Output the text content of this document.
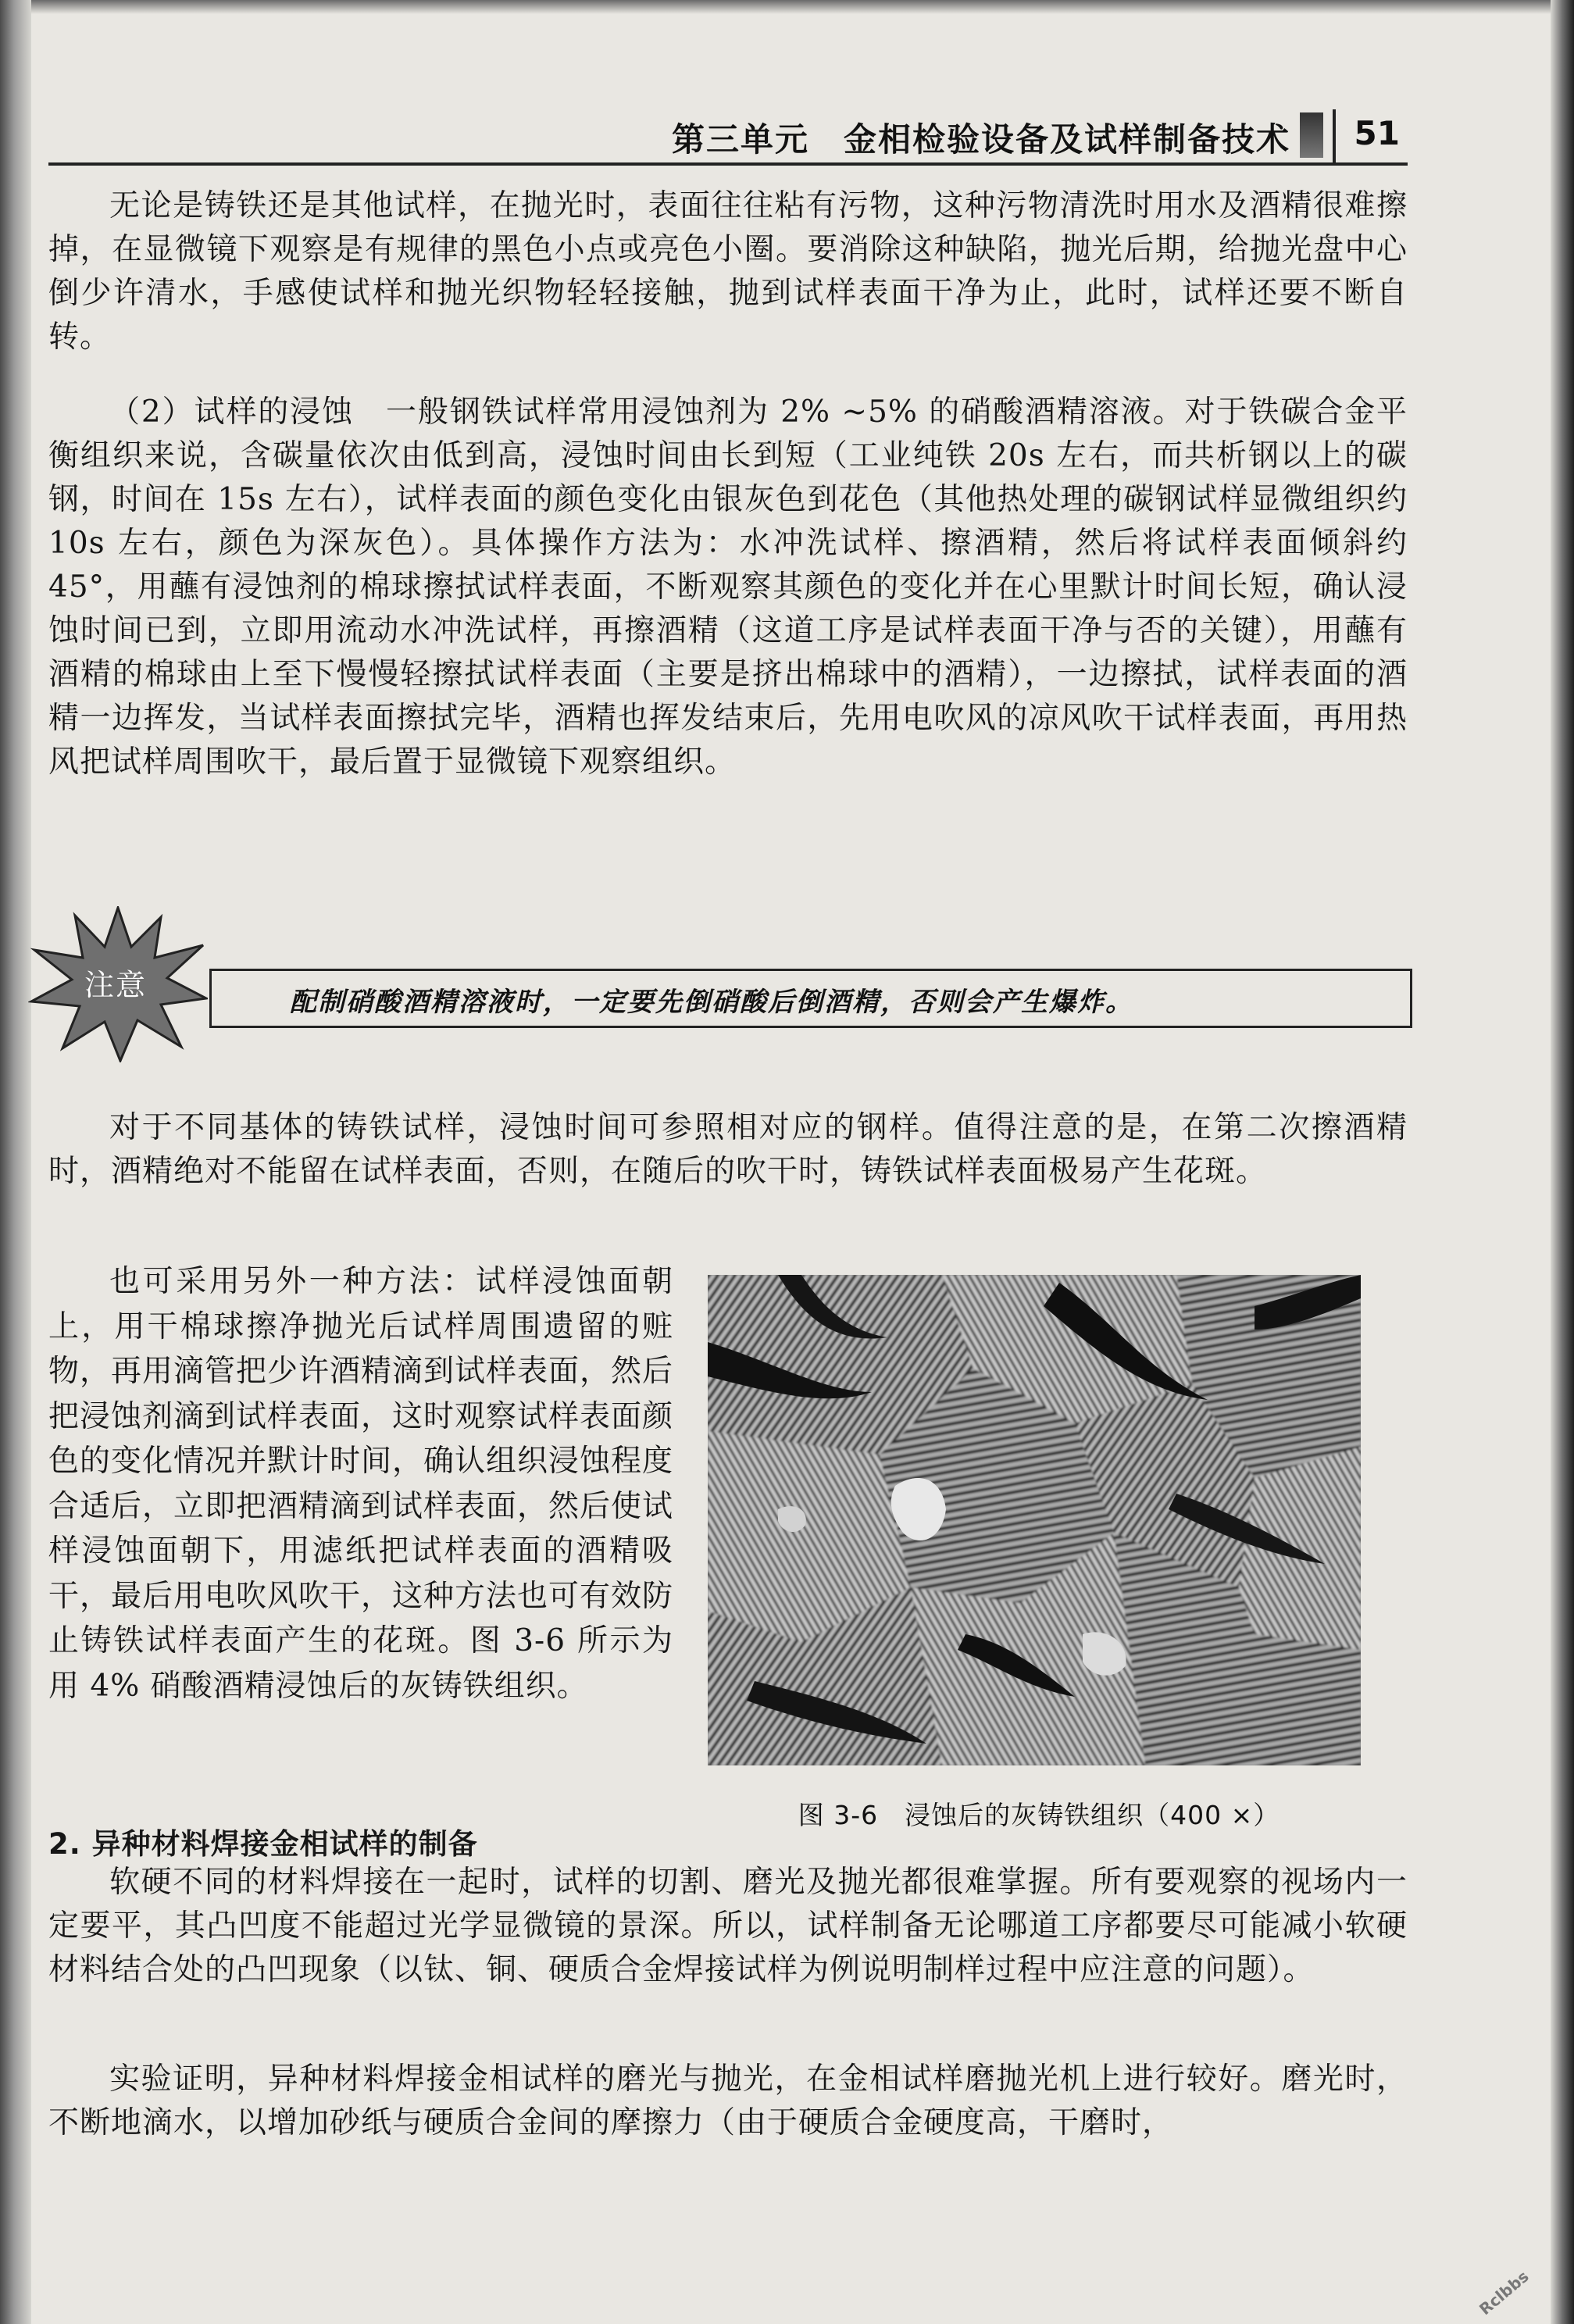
第三单元　金相检验设备及试样制备技术 51

无论是铸铁还是其他试样，在抛光时，表面往往粘有污物，这种污物清洗时用水及酒精很难擦掉，在显微镜下观察是有规律的黑色小点或亮色小圈。要消除这种缺陷，抛光后期，给抛光盘中心倒少许清水，手感使试样和抛光织物轻轻接触，抛到试样表面干净为止，此时，试样还要不断自转。

（2）试样的浸蚀　一般钢铁试样常用浸蚀剂为 2% ~5% 的硝酸酒精溶液。对于铁碳合金平衡组织来说，含碳量依次由低到高，浸蚀时间由长到短（工业纯铁 20s 左右，而共析钢以上的碳钢，时间在 15s 左右），试样表面的颜色变化由银灰色到花色（其他热处理的碳钢试样显微组织约 10s 左右，颜色为深灰色）。具体操作方法为：水冲洗试样、擦酒精，然后将试样表面倾斜约 45°，用蘸有浸蚀剂的棉球擦拭试样表面，不断观察其颜色的变化并在心里默计时间长短，确认浸蚀时间已到，立即用流动水冲洗试样，再擦酒精（这道工序是试样表面干净与否的关键），用蘸有酒精的棉球由上至下慢慢轻擦拭试样表面（主要是挤出棉球中的酒精），一边擦拭，试样表面的酒精一边挥发，当试样表面擦拭完毕，酒精也挥发结束后，先用电吹风的凉风吹干试样表面，再用热风把试样周围吹干，最后置于显微镜下观察组织。

注意	配制硝酸酒精溶液时，一定要先倒硝酸后倒酒精，否则会产生爆炸。

对于不同基体的铸铁试样，浸蚀时间可参照相对应的钢样。值得注意的是，在第二次擦酒精时，酒精绝对不能留在试样表面，否则，在随后的吹干时，铸铁试样表面极易产生花斑。

也可采用另外一种方法：试样浸蚀面朝上，用干棉球擦净抛光后试样周围遗留的赃物，再用滴管把少许酒精滴到试样表面，然后把浸蚀剂滴到试样表面，这时观察试样表面颜色的变化情况并默计时间，确认组织浸蚀程度合适后，立即把酒精滴到试样表面，然后使试样浸蚀面朝下，用滤纸把试样表面的酒精吸干，最后用电吹风吹干，这种方法也可有效防止铸铁试样表面产生的花斑。图 3-6 所示为用 4% 硝酸酒精浸蚀后的灰铸铁组织。

图 3-6　浸蚀后的灰铸铁组织（400 ×）
2. 异种材料焊接金相试样的制备

软硬不同的材料焊接在一起时，试样的切割、磨光及抛光都很难掌握。所有要观察的视场内一定要平，其凸凹度不能超过光学显微镜的景深。所以，试样制备无论哪道工序都要尽可能减小软硬材料结合处的凸凹现象（以钛、铜、硬质合金焊接试样为例说明制样过程中应注意的问题）。

实验证明，异种材料焊接金相试样的磨光与抛光，在金相试样磨抛光机上进行较好。磨光时，不断地滴水，以增加砂纸与硬质合金间的摩擦力（由于硬质合金硬度高，干磨时，

Rclbbs
